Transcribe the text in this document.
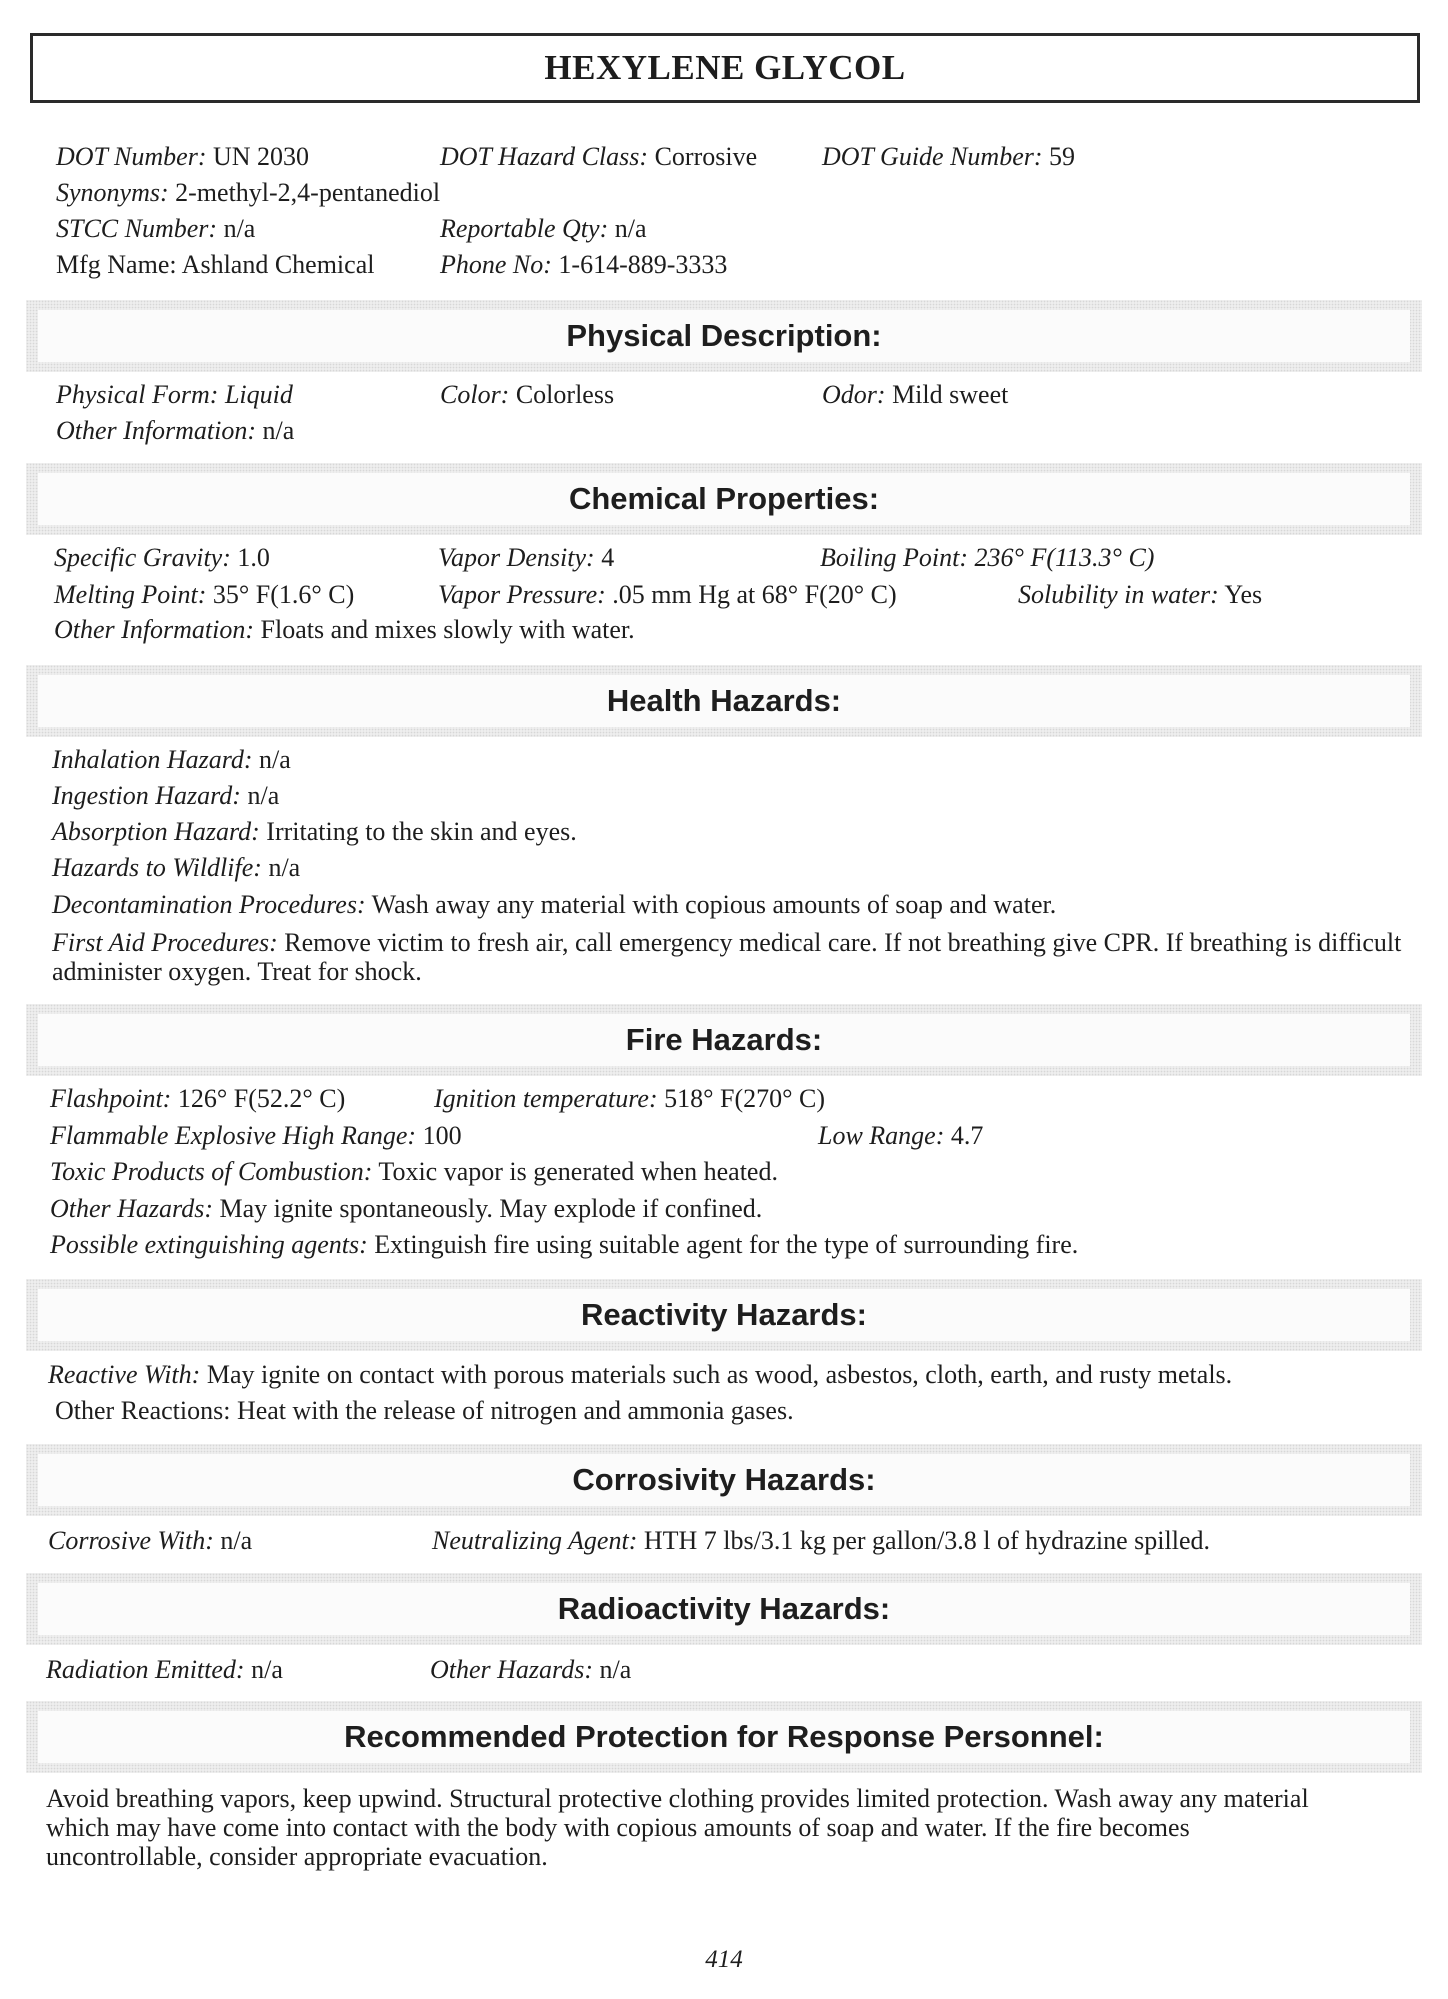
HEXYLENE GLYCOL
DOT Number: UN 2030	DOT Hazard Class: Corrosive DOT Guide Number: 59
Synonyms: 2-methyl-2,4-pentanediol
STCC Number: n/a	Reportable Qty: n/a
Mfg Name: Ashland Chemical	Phone No: 1-614-889-3333
Physical Description:
Physical Form: Liquid	Color: Colorless	Odor: Mild sweet
Other Information: n/a
Chemical Properties:
Specific Gravity: 1.0	Vapor Density: 4	Boiling Point: 236° F(113.3° C)
Melting Point: 35° F(1.6° C)	Vapor Pressure: .05 mm Hg at 68° F(20° C)	Solubility in water: Yes
Other Information: Floats and mixes slowly with water.
Health Hazards:
Inhalation Hazard: n/a
Ingestion Hazard: n/a
Absorption Hazard: Irritating to the skin and eyes.
Hazards to Wildlife: n/a
Decontamination Procedures: Wash away any material with copious amounts of soap and water.
First Aid Procedures: Remove victim to fresh air, call emergency medical care. If not breathing give CPR. If breathing is difficult administer oxygen. Treat for shock.
Fire Hazards:
Flashpoint: 126° F(52.2° C)	Ignition temperature: 518° F(270° C)
Flammable Explosive High Range: 100	Low Range: 4.7
Toxic Products of Combustion: Toxic vapor is generated when heated.
Other Hazards: May ignite spontaneously. May explode if confined.
Possible extinguishing agents: Extinguish fire using suitable agent for the type of surrounding fire.
Reactivity Hazards:
Reactive With: May ignite on contact with porous materials such as wood, asbestos, cloth, earth, and rusty metals.
Other Reactions: Heat with the release of nitrogen and ammonia gases.
Corrosivity Hazards:
Corrosive With: n/a	Neutralizing Agent: HTH 7 lbs/3.1 kg per gallon/3.8 l of hydrazine spilled.
Radioactivity Hazards:
Radiation Emitted: n/a	Other Hazards: n/a
Recommended Protection for Response Personnel:
Avoid breathing vapors, keep upwind. Structural protective clothing provides limited protection. Wash away any material which may have come into contact with the body with copious amounts of soap and water. If the fire becomes uncontrollable, consider appropriate evacuation.
414
